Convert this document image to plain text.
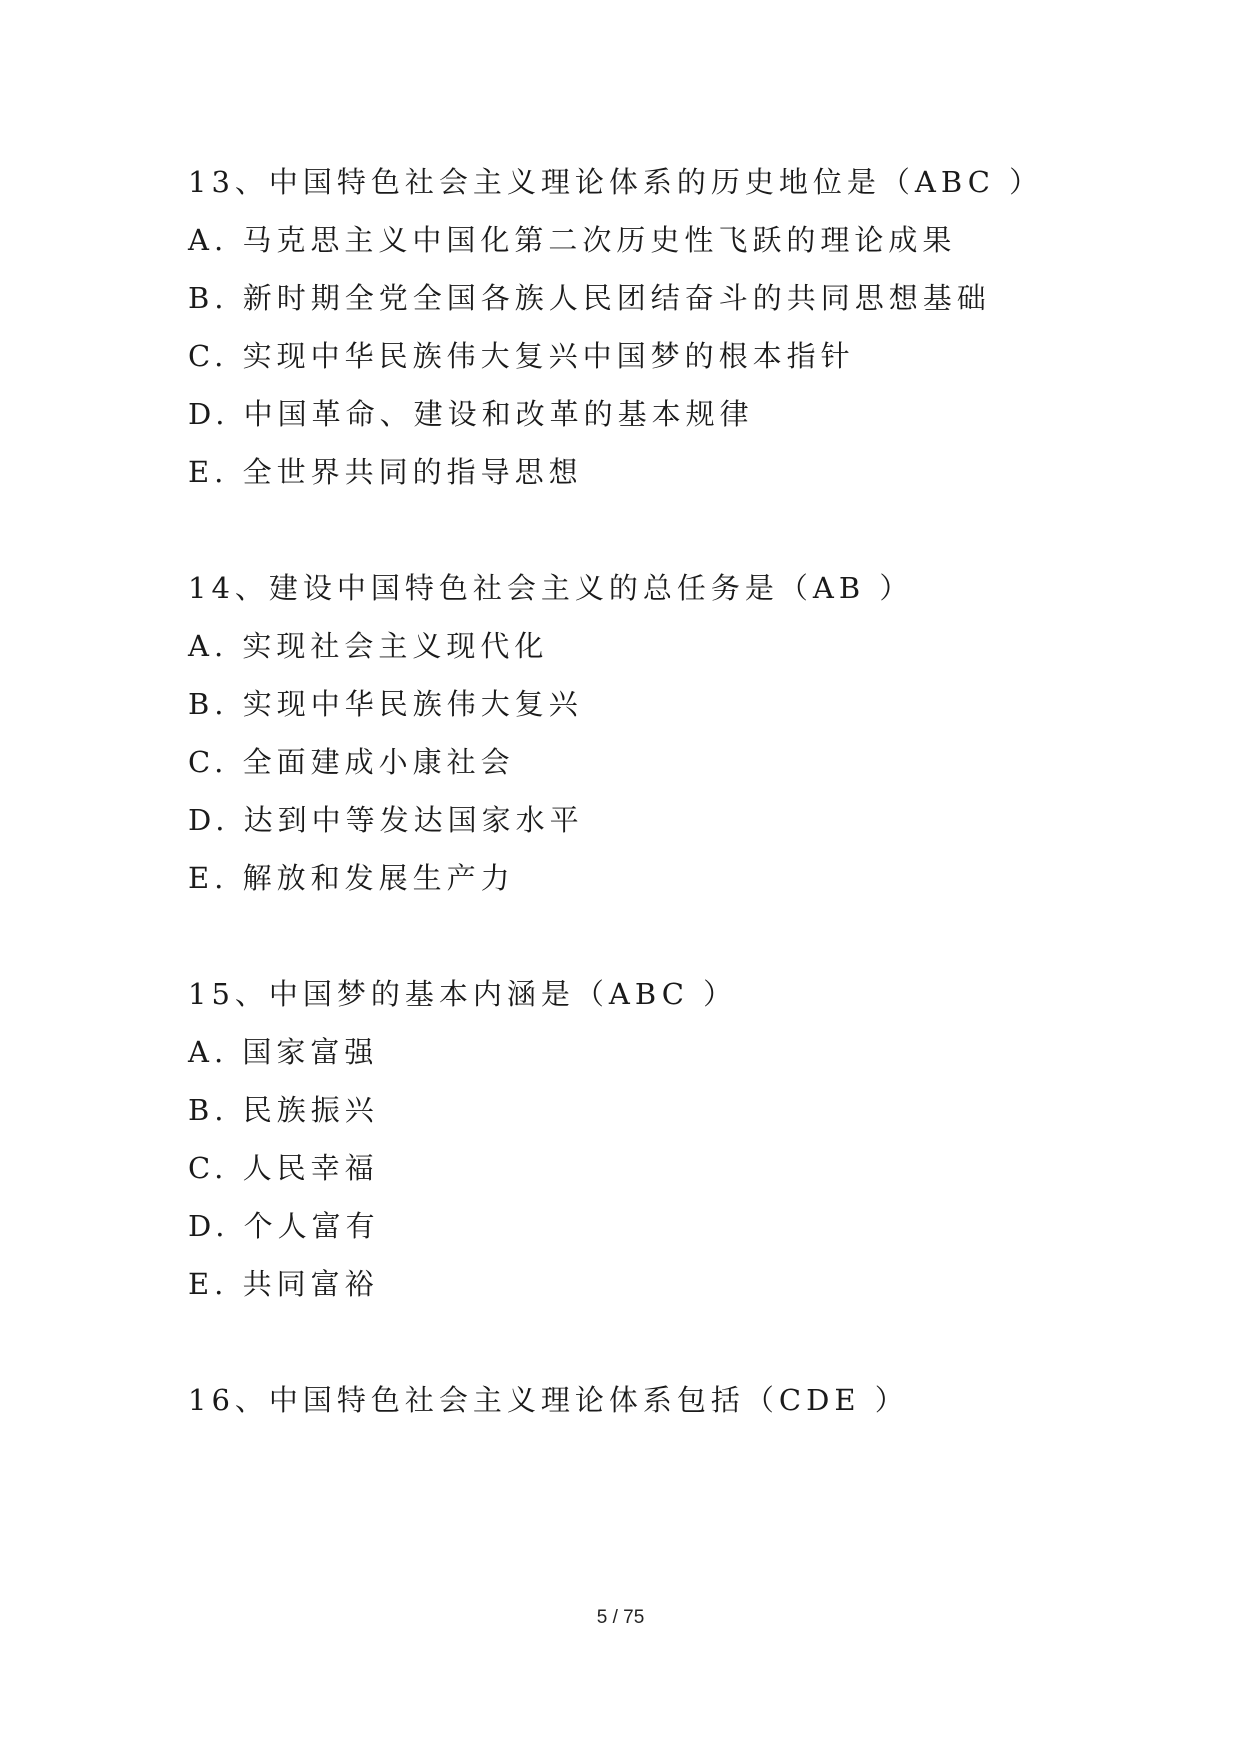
13、中国特色社会主义理论体系的历史地位是（ABC ）
A. 马克思主义中国化第二次历史性飞跃的理论成果
B. 新时期全党全国各族人民团结奋斗的共同思想基础
C. 实现中华民族伟大复兴中国梦的根本指针
D. 中国革命、建设和改革的基本规律
E. 全世界共同的指导思想
14、建设中国特色社会主义的总任务是（AB ）
A. 实现社会主义现代化
B. 实现中华民族伟大复兴
C. 全面建成小康社会
D. 达到中等发达国家水平
E. 解放和发展生产力
15、中国梦的基本内涵是（ABC ）
A. 国家富强
B. 民族振兴
C. 人民幸福
D. 个人富有
E. 共同富裕
16、中国特色社会主义理论体系包括（CDE ）
5 / 75
